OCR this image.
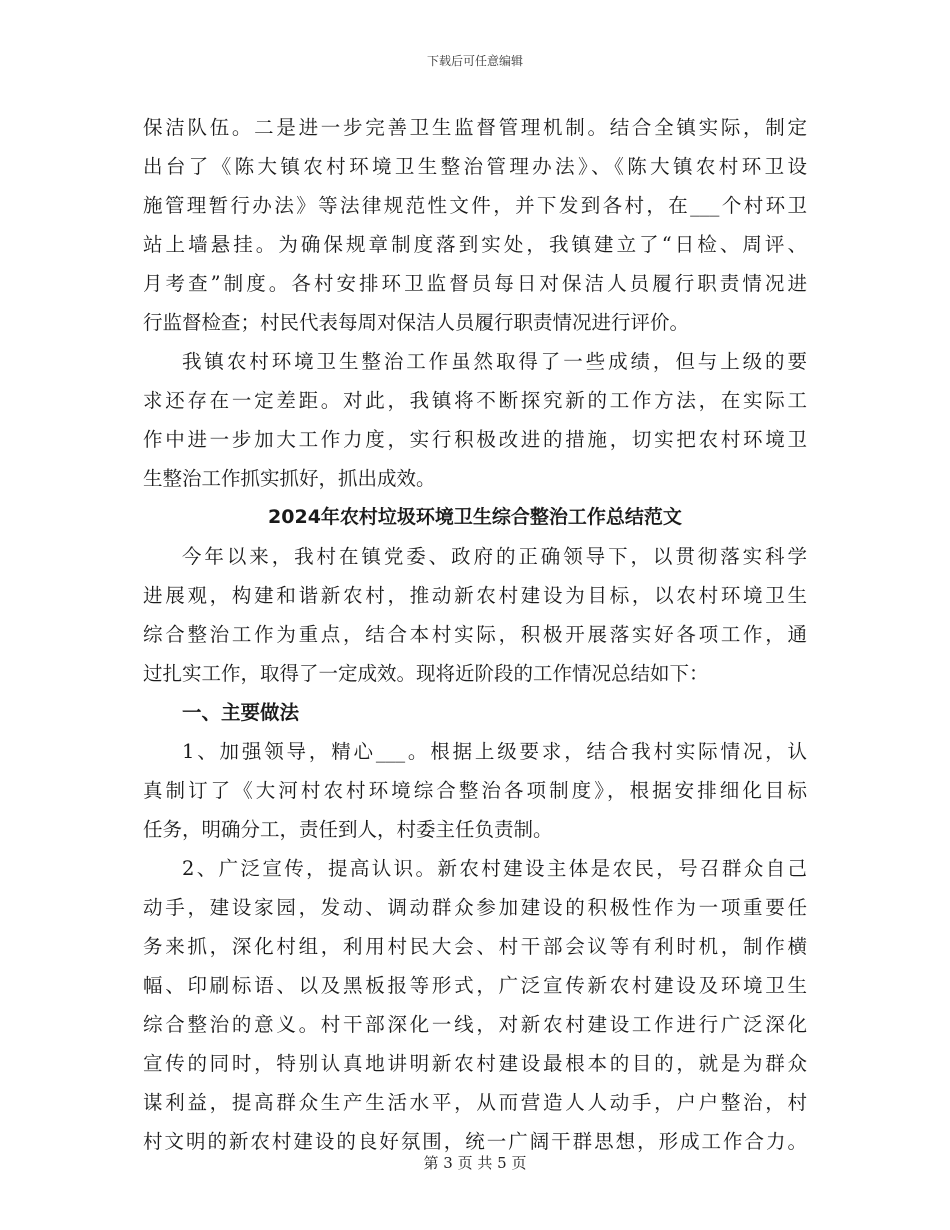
下载后可任意编辑
保洁队伍。二是进一步完善卫生监督管理机制。结合全镇实际，制定
出台了《陈大镇农村环境卫生整治管理办法》、《陈大镇农村环卫设
施管理暂行办法》等法律规范性文件，并下发到各村，在___个村环卫
站上墙悬挂。为确保规章制度落到实处，我镇建立了“日检、周评、
月考查”制度。各村安排环卫监督员每日对保洁人员履行职责情况进
行监督检查；村民代表每周对保洁人员履行职责情况进行评价。
我镇农村环境卫生整治工作虽然取得了一些成绩，但与上级的要
求还存在一定差距。对此，我镇将不断探究新的工作方法，在实际工
作中进一步加大工作力度，实行积极改进的措施，切实把农村环境卫
生整治工作抓实抓好，抓出成效。
2024年农村垃圾环境卫生综合整治工作总结范文
今年以来，我村在镇党委、政府的正确领导下，以贯彻落实科学
进展观，构建和谐新农村，推动新农村建设为目标，以农村环境卫生
综合整治工作为重点，结合本村实际，积极开展落实好各项工作，通
过扎实工作，取得了一定成效。现将近阶段的工作情况总结如下：
一、主要做法
1、加强领导，精心___。根据上级要求，结合我村实际情况，认
真制订了《大河村农村环境综合整治各项制度》，根据安排细化目标
任务，明确分工，责任到人，村委主任负责制。
2、广泛宣传，提高认识。新农村建设主体是农民，号召群众自己
动手，建设家园，发动、调动群众参加建设的积极性作为一项重要任
务来抓，深化村组，利用村民大会、村干部会议等有利时机，制作横
幅、印刷标语、以及黑板报等形式，广泛宣传新农村建设及环境卫生
综合整治的意义。村干部深化一线，对新农村建设工作进行广泛深化
宣传的同时，特别认真地讲明新农村建设最根本的目的，就是为群众
谋利益，提高群众生产生活水平，从而营造人人动手，户户整治，村
村文明的新农村建设的良好氛围，统一广阔干群思想，形成工作合力。
第 3 页 共 5 页
